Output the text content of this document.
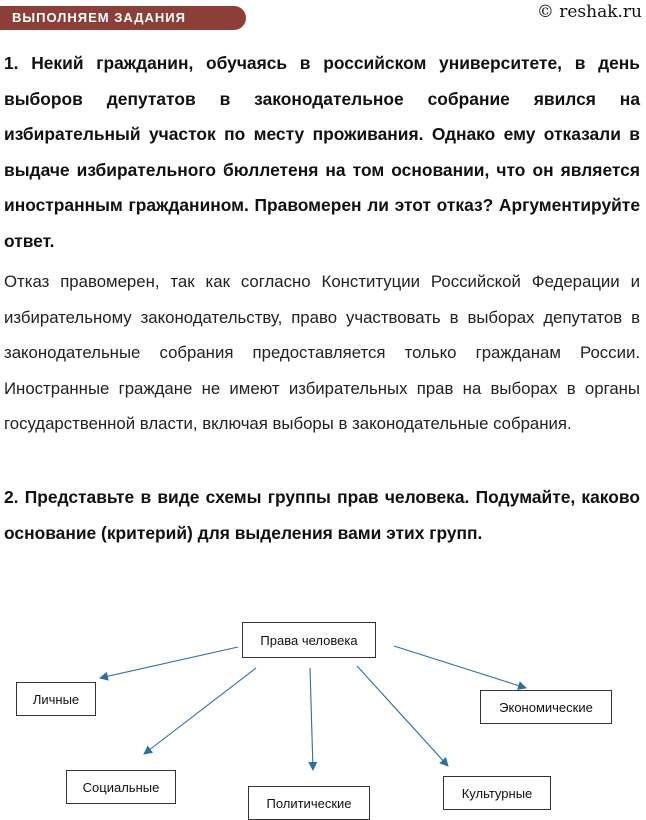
ВЫПОЛНЯЕМ ЗАДАНИЯ	© reshak.ru

1. Некий гражданин, обучаясь в российском университете, в день выборов депутатов в законодательное собрание явился на избирательный участок по месту проживания. Однако ему отказали в выдаче избирательного бюллетеня на том основании, что он является иностранным гражданином. Правомерен ли этот отказ? Аргументируйте ответ.

Отказ правомерен, так как согласно Конституции Российской Федерации и избирательному законодательству, право участвовать в выборах депутатов в законодательные собрания предоставляется только гражданам России. Иностранные граждане не имеют избирательных прав на выборах в органы государственной власти, включая выборы в законодательные собрания.

2. Представьте в виде схемы группы прав человека. Подумайте, каково основание (критерий) для выделения вами этих групп.

Права человека
Личные
Экономические
Социальные
Политические
Культурные
